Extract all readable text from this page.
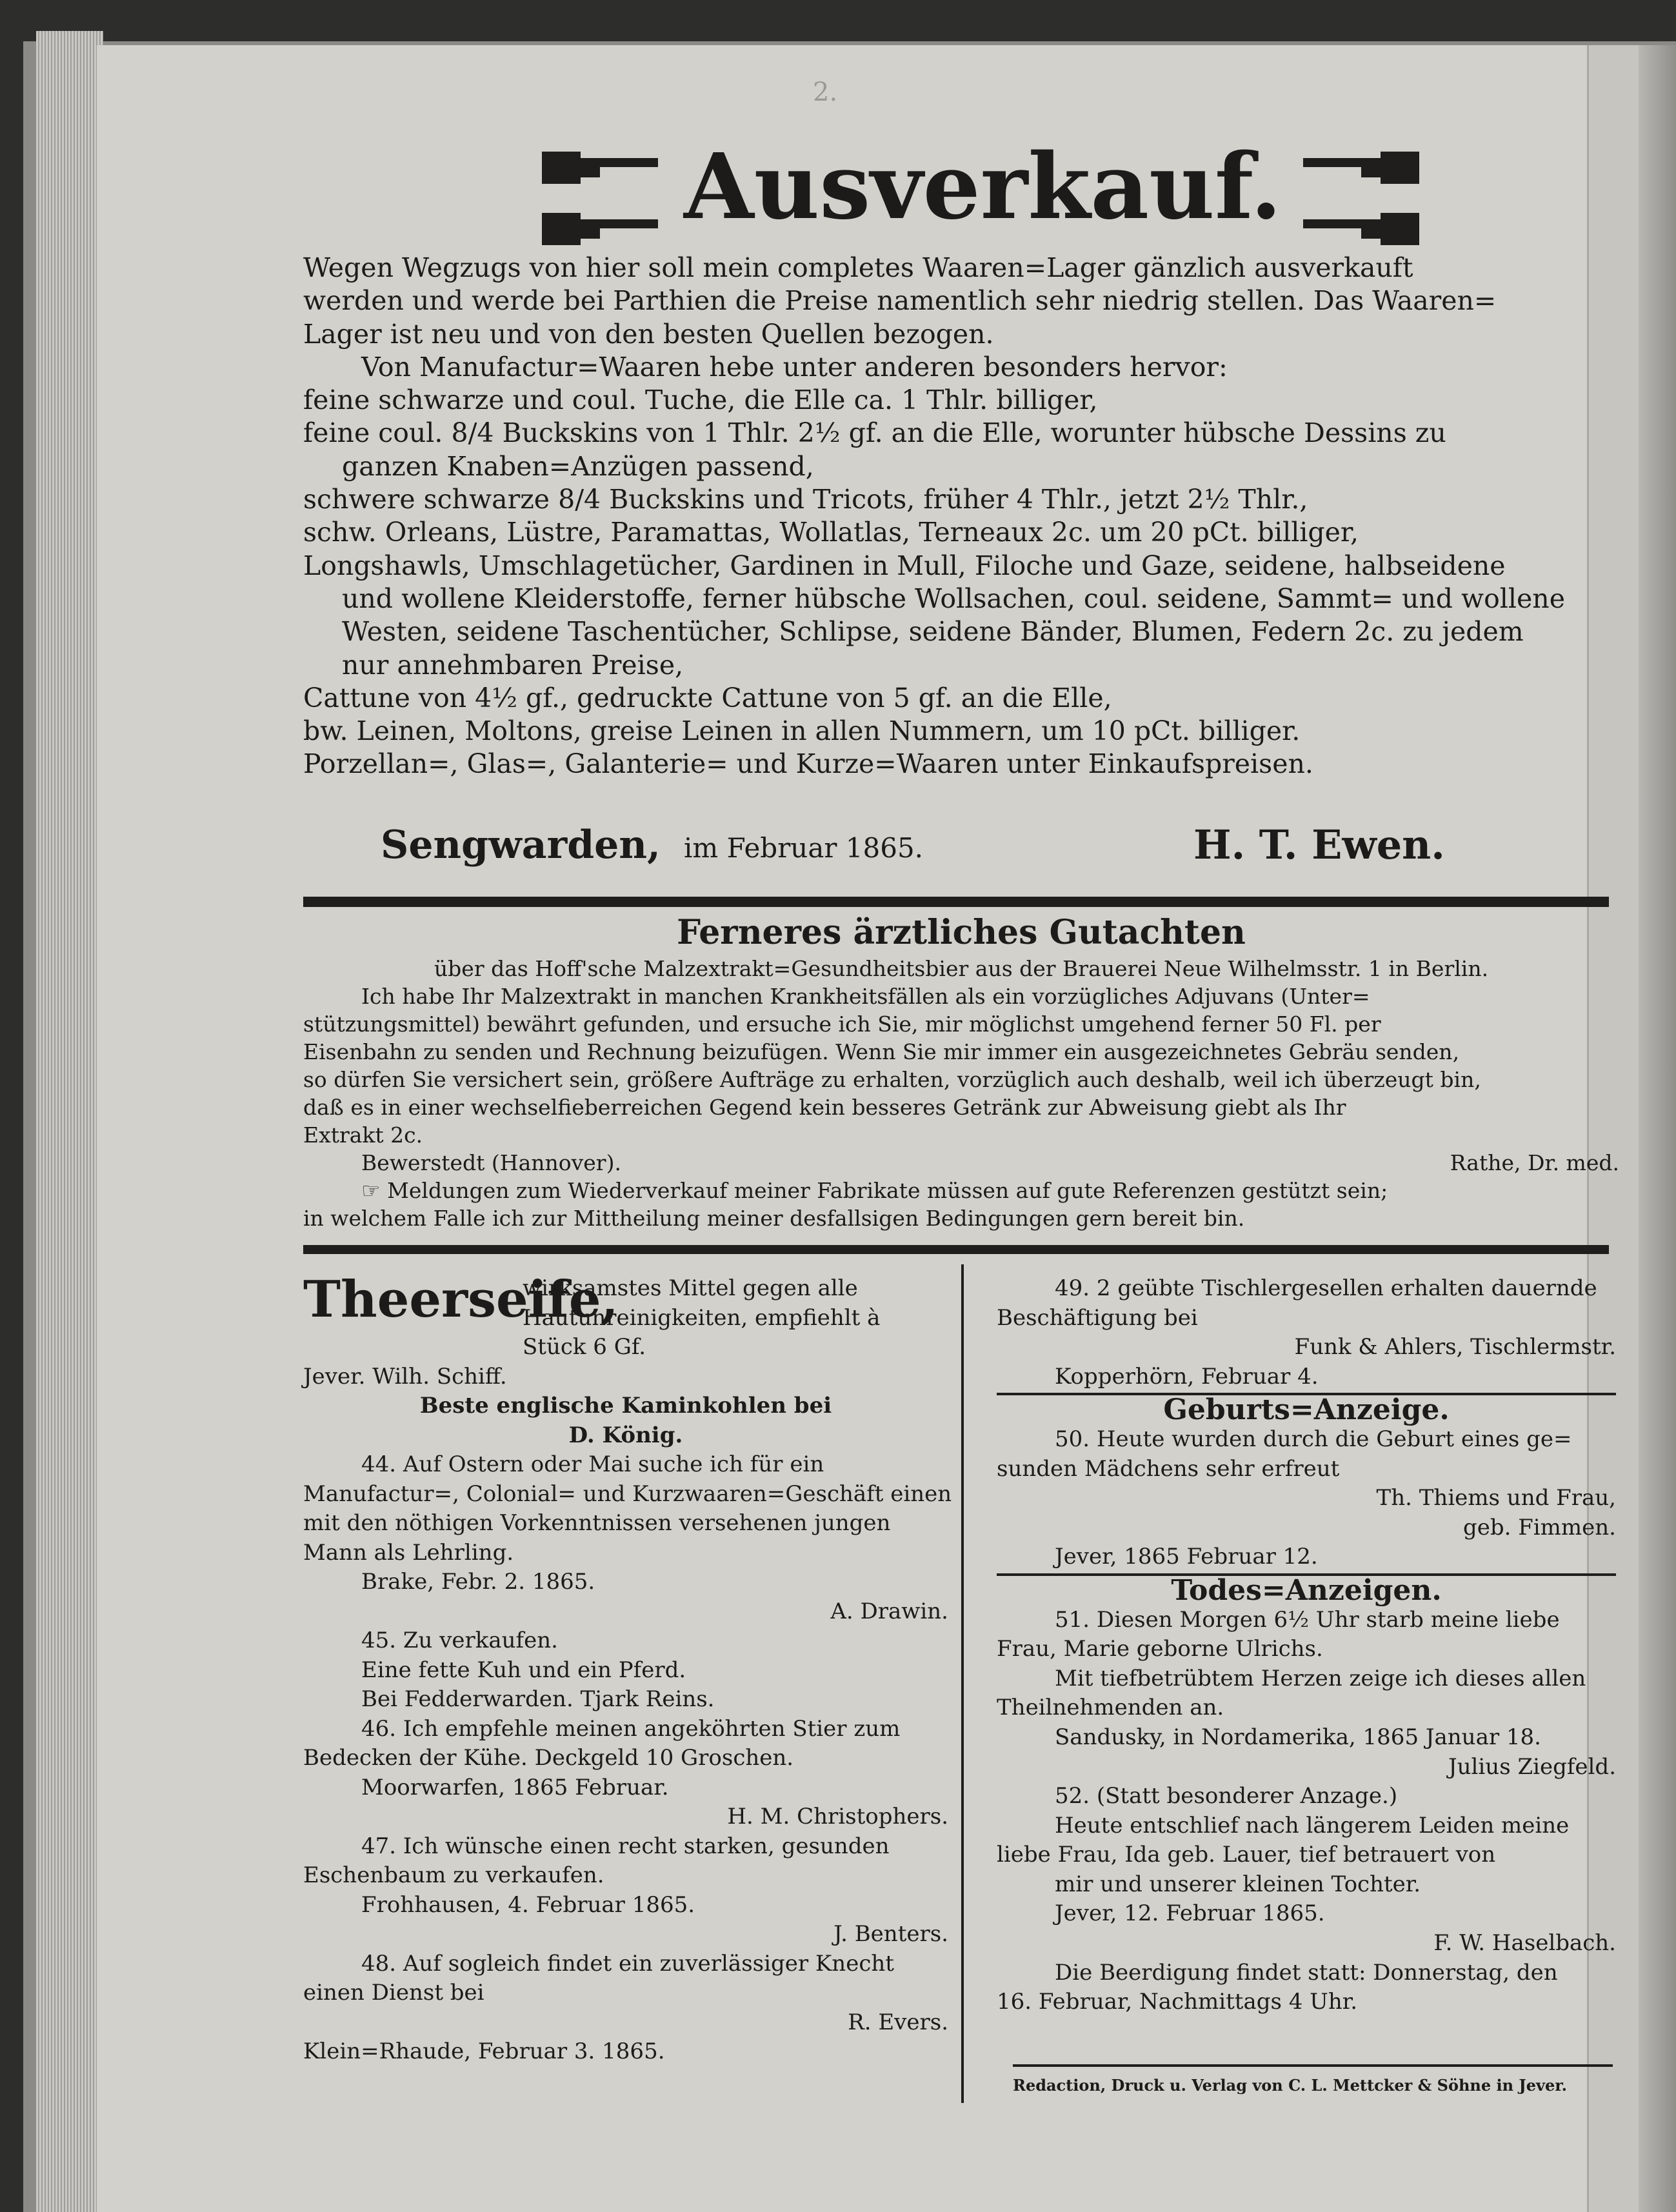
2.
Ausverkauf.
Wegen Wegzugs von hier soll mein completes Waaren=Lager gänzlich ausverkauft
werden und werde bei Parthien die Preise namentlich sehr niedrig stellen. Das Waaren=
Lager ist neu und von den besten Quellen bezogen.
Von Manufactur=Waaren hebe unter anderen besonders hervor:
feine schwarze und coul. Tuche, die Elle ca. 1 Thlr. billiger,
feine coul. 8/4 Buckskins von 1 Thlr. 2½ gf. an die Elle, worunter hübsche Dessins zu
ganzen Knaben=Anzügen passend,
schwere schwarze 8/4 Buckskins und Tricots, früher 4 Thlr., jetzt 2½ Thlr.,
schw. Orleans, Lüstre, Paramattas, Wollatlas, Terneaux 2c. um 20 pCt. billiger,
Longshawls, Umschlagetücher, Gardinen in Mull, Filoche und Gaze, seidene, halbseidene
und wollene Kleiderstoffe, ferner hübsche Wollsachen, coul. seidene, Sammt= und wollene
Westen, seidene Taschentücher, Schlipse, seidene Bänder, Blumen, Federn 2c. zu jedem
nur annehmbaren Preise,
Cattune von 4½ gf., gedruckte Cattune von 5 gf. an die Elle,
bw. Leinen, Moltons, greise Leinen in allen Nummern, um 10 pCt. billiger.
Porzellan=, Glas=, Galanterie= und Kurze=Waaren unter Einkaufspreisen.
Sengwarden, im Februar 1865.	H. T. Ewen.
Ferneres ärztliches Gutachten
über das Hoff'sche Malzextrakt=Gesundheitsbier aus der Brauerei Neue Wilhelmsstr. 1 in Berlin.
Ich habe Ihr Malzextrakt in manchen Krankheitsfällen als ein vorzügliches Adjuvans (Unter=
stützungsmittel) bewährt gefunden, und ersuche ich Sie, mir möglichst umgehend ferner 50 Fl. per
Eisenbahn zu senden und Rechnung beizufügen. Wenn Sie mir immer ein ausgezeichnetes Gebräu senden,
so dürfen Sie versichert sein, größere Aufträge zu erhalten, vorzüglich auch deshalb, weil ich überzeugt bin,
daß es in einer wechselfieberreichen Gegend kein besseres Getränk zur Abweisung giebt als Ihr
Extrakt 2c.
Bewerstedt (Hannover).	Rathe, Dr. med.
☞ Meldungen zum Wiederverkauf meiner Fabrikate müssen auf gute Referenzen gestützt sein;
in welchem Falle ich zur Mittheilung meiner desfallsigen Bedingungen gern bereit bin.
Theerseife,
wirksamstes Mittel gegen alle
Hautunreinigkeiten, empfiehlt à
Stück 6 Gf.
Jever. Wilh. Schiff.
Beste englische Kaminkohlen bei
D. König.
44. Auf Ostern oder Mai suche ich für ein
Manufactur=, Colonial= und Kurzwaaren=Geschäft einen
mit den nöthigen Vorkenntnissen versehenen jungen
Mann als Lehrling.
Brake, Febr. 2. 1865.
A. Drawin.
45. Zu verkaufen.
Eine fette Kuh und ein Pferd.
Bei Fedderwarden. Tjark Reins.
46. Ich empfehle meinen angeköhrten Stier zum
Bedecken der Kühe. Deckgeld 10 Groschen.
Moorwarfen, 1865 Februar.
H. M. Christophers.
47. Ich wünsche einen recht starken, gesunden
Eschenbaum zu verkaufen.
Frohhausen, 4. Februar 1865.
J. Benters.
48. Auf sogleich findet ein zuverlässiger Knecht
einen Dienst bei
R. Evers.
Klein=Rhaude, Februar 3. 1865.
49. 2 geübte Tischlergesellen erhalten dauernde
Beschäftigung bei
Funk & Ahlers, Tischlermstr.
Kopperhörn, Februar 4.
Geburts=Anzeige.
50. Heute wurden durch die Geburt eines ge=
sunden Mädchens sehr erfreut
Th. Thiems und Frau,
geb. Fimmen.
Jever, 1865 Februar 12.
Todes=Anzeigen.
51. Diesen Morgen 6½ Uhr starb meine liebe
Frau, Marie geborne Ulrichs.
Mit tiefbetrübtem Herzen zeige ich dieses allen
Theilnehmenden an.
Sandusky, in Nordamerika, 1865 Januar 18.
Julius Ziegfeld.
52. (Statt besonderer Anzage.)
Heute entschlief nach längerem Leiden meine
liebe Frau, Ida geb. Lauer, tief betrauert von
mir und unserer kleinen Tochter.
Jever, 12. Februar 1865.
F. W. Haselbach.
Die Beerdigung findet statt: Donnerstag, den
16. Februar, Nachmittags 4 Uhr.
Redaction, Druck u. Verlag von C. L. Mettcker & Söhne in Jever.
